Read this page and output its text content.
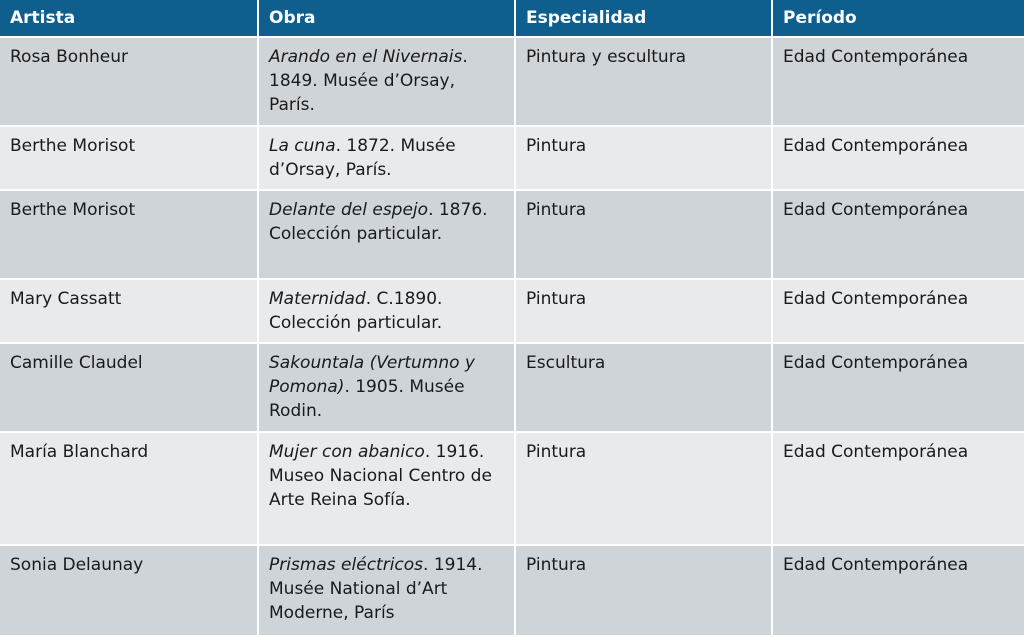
Artista	Obra	Especialidad	Período
Rosa Bonheur	Arando en el Nivernais. 1849. Musée d’Orsay, París.	Pintura y escultura	Edad Contemporánea
Berthe Morisot	La cuna. 1872. Musée d’Orsay, París.	Pintura	Edad Contemporánea
Berthe Morisot	Delante del espejo. 1876. Colección particular.	Pintura	Edad Contemporánea
Mary Cassatt	Maternidad. C.1890. Colección particular.	Pintura	Edad Contemporánea
Camille Claudel	Sakountala (Vertumno y Pomona). 1905. Musée Rodin.	Escultura	Edad Contemporánea
María Blanchard	Mujer con abanico. 1916. Museo Nacional Centro de Arte Reina Sofía.	Pintura	Edad Contemporánea
Sonia Delaunay	Prismas eléctricos. 1914. Musée National d’Art Moderne, París	Pintura	Edad Contemporánea
